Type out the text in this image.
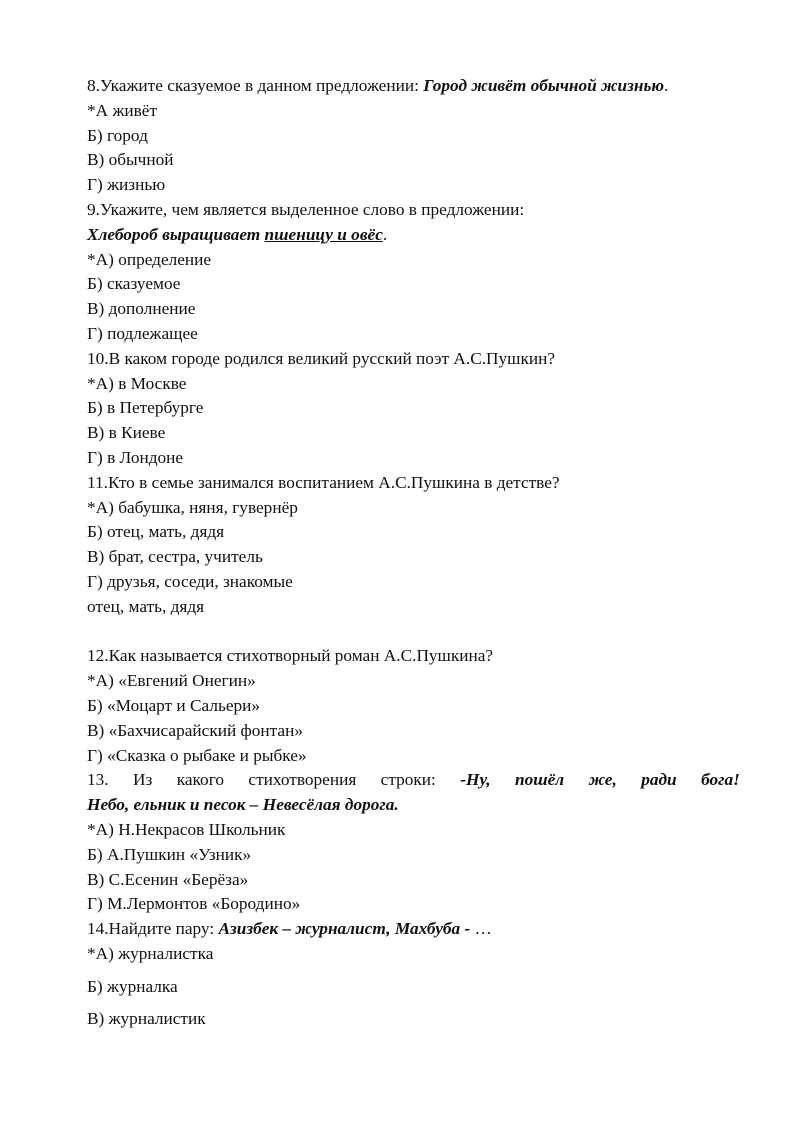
8.Укажите сказуемое в данном предложении: Город живёт обычной жизнью.
*А живёт
Б) город
В) обычной
Г) жизнью
9.Укажите, чем является выделенное слово в предложении:
Хлебороб выращивает пшеницу и овёс.
*А) определение
Б) сказуемое
В) дополнение
Г) подлежащее
10.В каком городе родился великий русский поэт А.С.Пушкин?
*А) в Москве
Б) в Петербурге
В) в Киеве
Г) в Лондоне
11.Кто в семье занимался воспитанием А.С.Пушкина в детстве?
*А) бабушка, няня, гувернёр
Б) отец, мать, дядя
В) брат, сестра, учитель
Г) друзья, соседи, знакомые
отец, мать, дядя
12.Как называется стихотворный роман А.С.Пушкина?
*А) «Евгений Онегин»
Б) «Моцарт и Сальери»
В) «Бахчисарайский фонтан»
Г) «Сказка о рыбаке и рыбке»
13. Из какого стихотворения строки: -Ну, пошёл же, ради бога!
Небо, ельник и песок – Невесёлая дорога.
*А) Н.Некрасов Школьник
Б) А.Пушкин «Узник»
В) С.Есенин «Берёза»
Г) М.Лермонтов «Бородино»
14.Найдите пару: Азизбек – журналист, Махбуба - …
*А) журналистка
Б) журналка
В) журналистик
